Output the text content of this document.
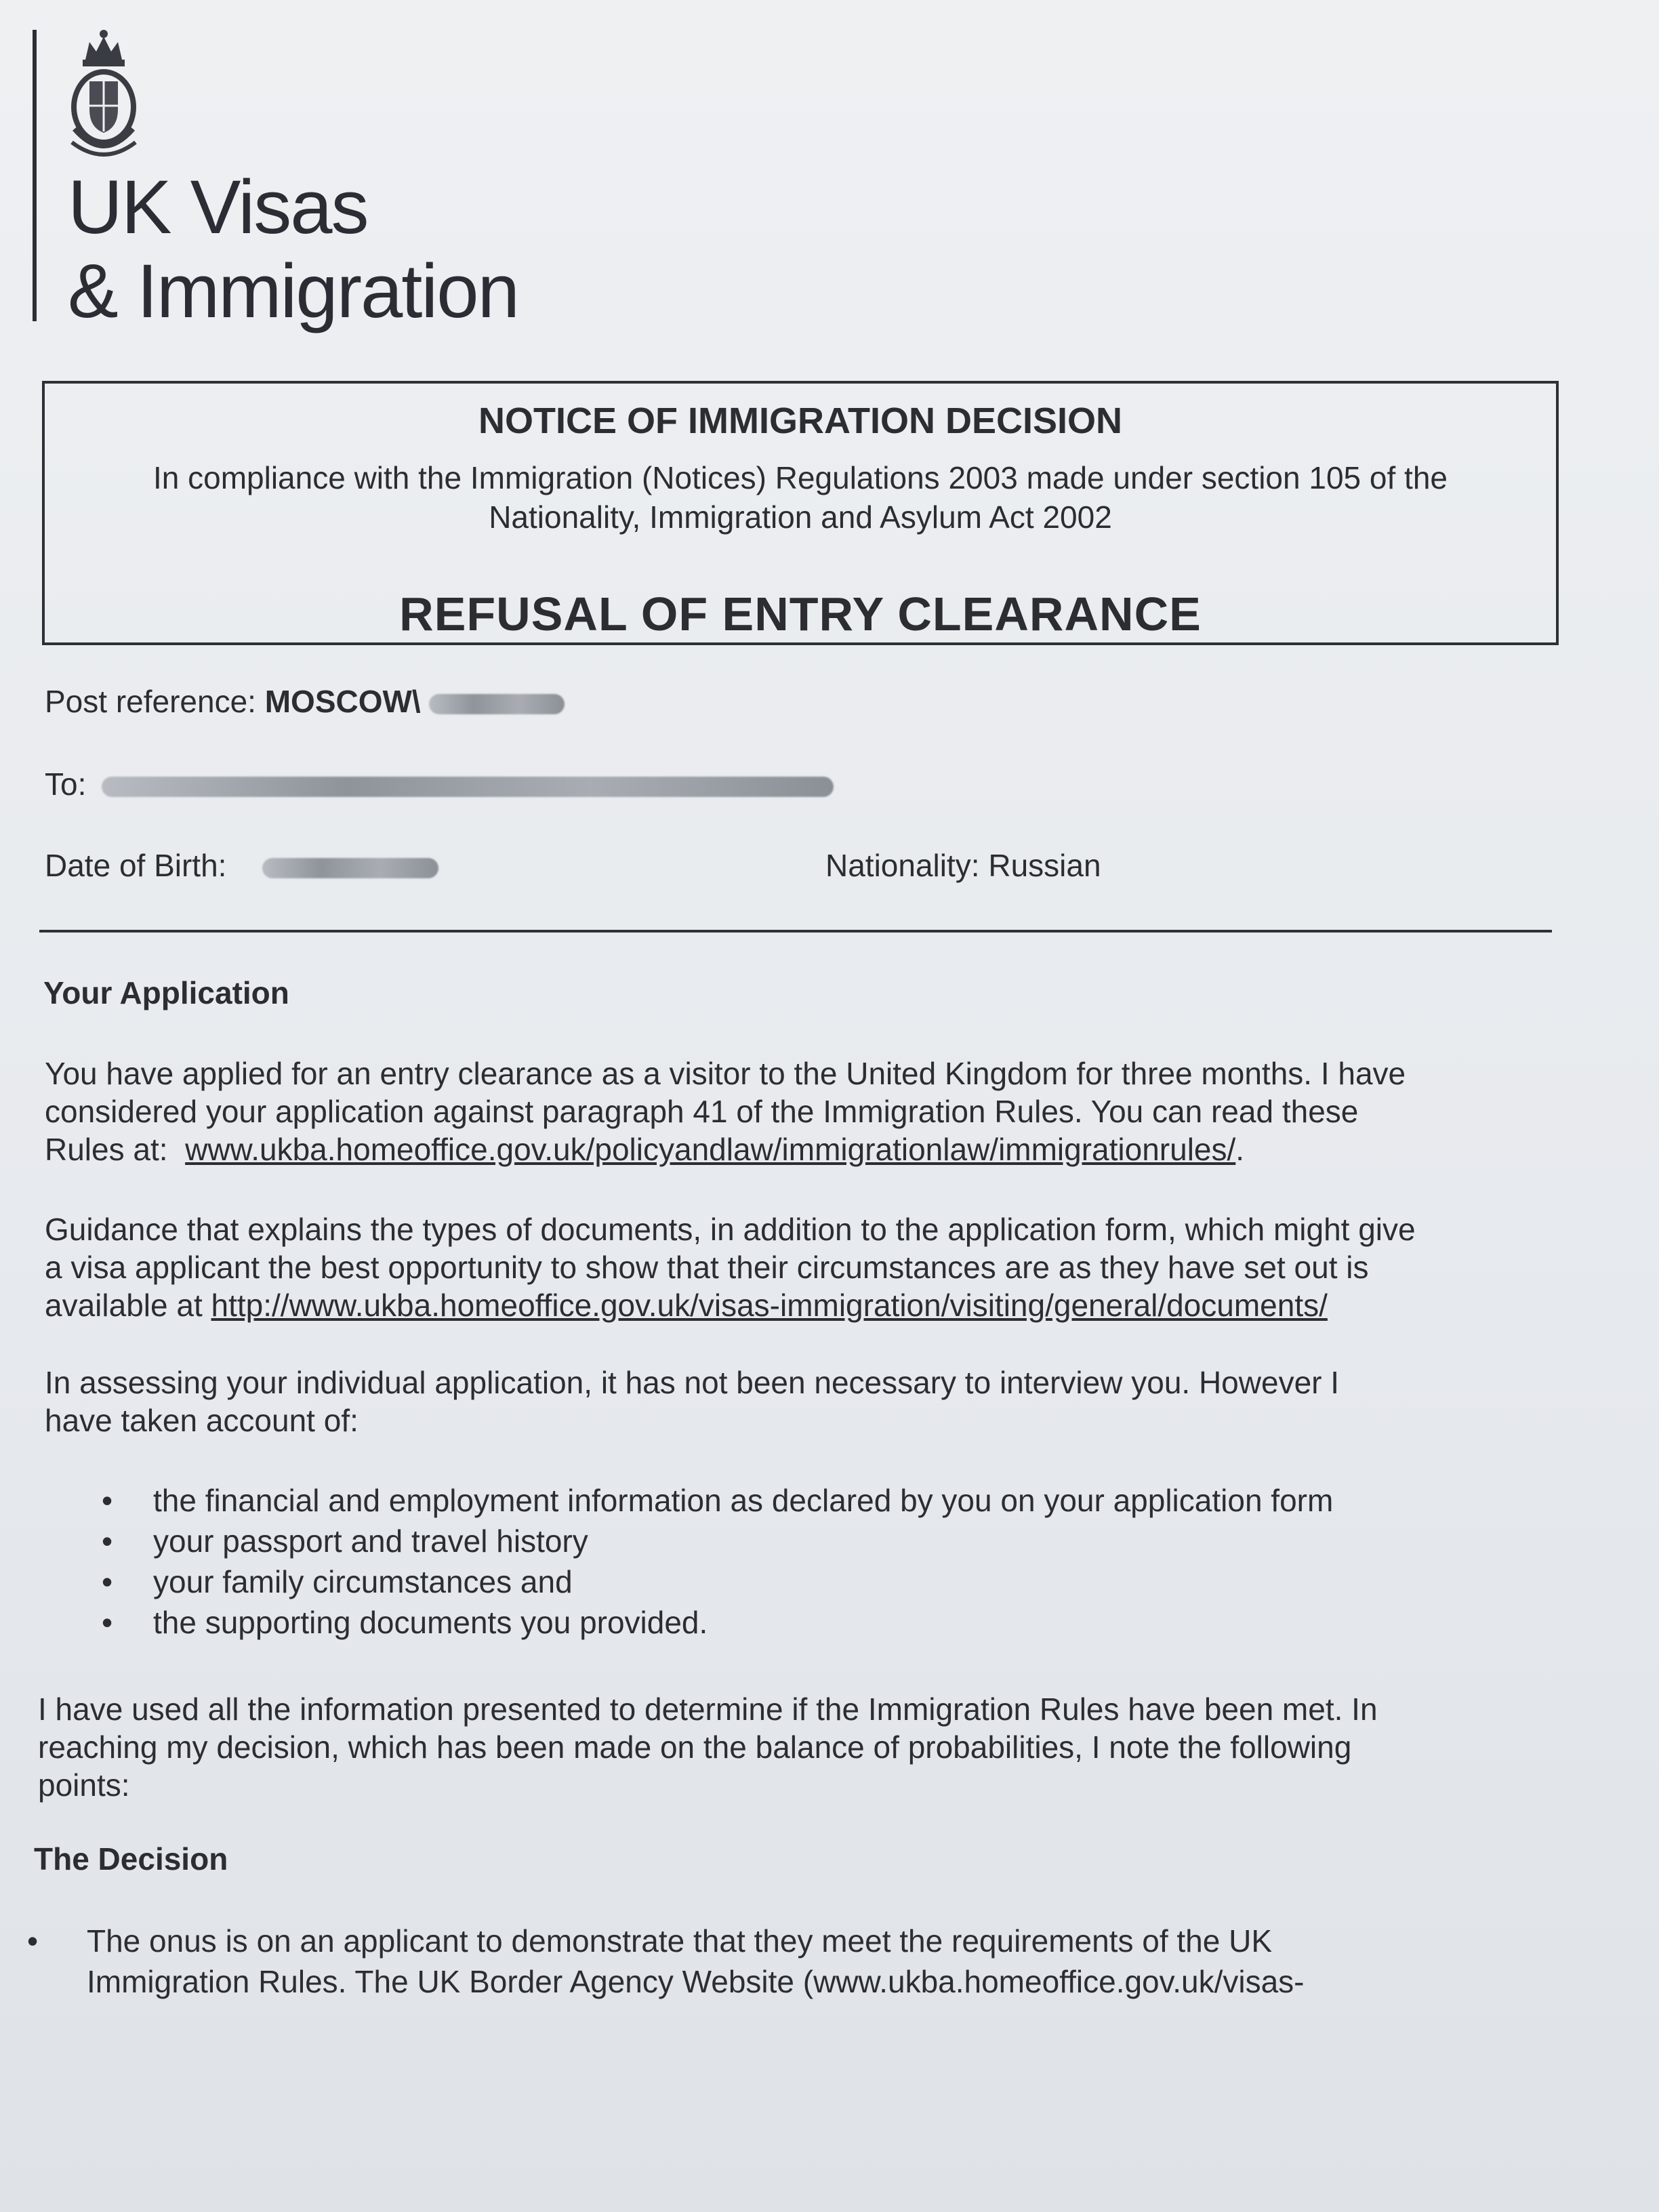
UK Visas
& Immigration
NOTICE OF IMMIGRATION DECISION
In compliance with the Immigration (Notices) Regulations 2003 made under section 105 of the
Nationality, Immigration and Asylum Act 2002
REFUSAL OF ENTRY CLEARANCE
Post reference: MOSCOW\
To:
Date of Birth:	Nationality: Russian
Your Application
You have applied for an entry clearance as a visitor to the United Kingdom for three months. I have
considered your application against paragraph 41 of the Immigration Rules. You can read these
Rules at: www.ukba.homeoffice.gov.uk/policyandlaw/immigrationlaw/immigrationrules/.
Guidance that explains the types of documents, in addition to the application form, which might give
a visa applicant the best opportunity to show that their circumstances are as they have set out is
available at http://www.ukba.homeoffice.gov.uk/visas-immigration/visiting/general/documents/
In assessing your individual application, it has not been necessary to interview you. However I
have taken account of:
• the financial and employment information as declared by you on your application form
• your passport and travel history
• your family circumstances and
• the supporting documents you provided.
I have used all the information presented to determine if the Immigration Rules have been met. In
reaching my decision, which has been made on the balance of probabilities, I note the following
points:
The Decision
• The onus is on an applicant to demonstrate that they meet the requirements of the UK
Immigration Rules. The UK Border Agency Website (www.ukba.homeoffice.gov.uk/visas-
